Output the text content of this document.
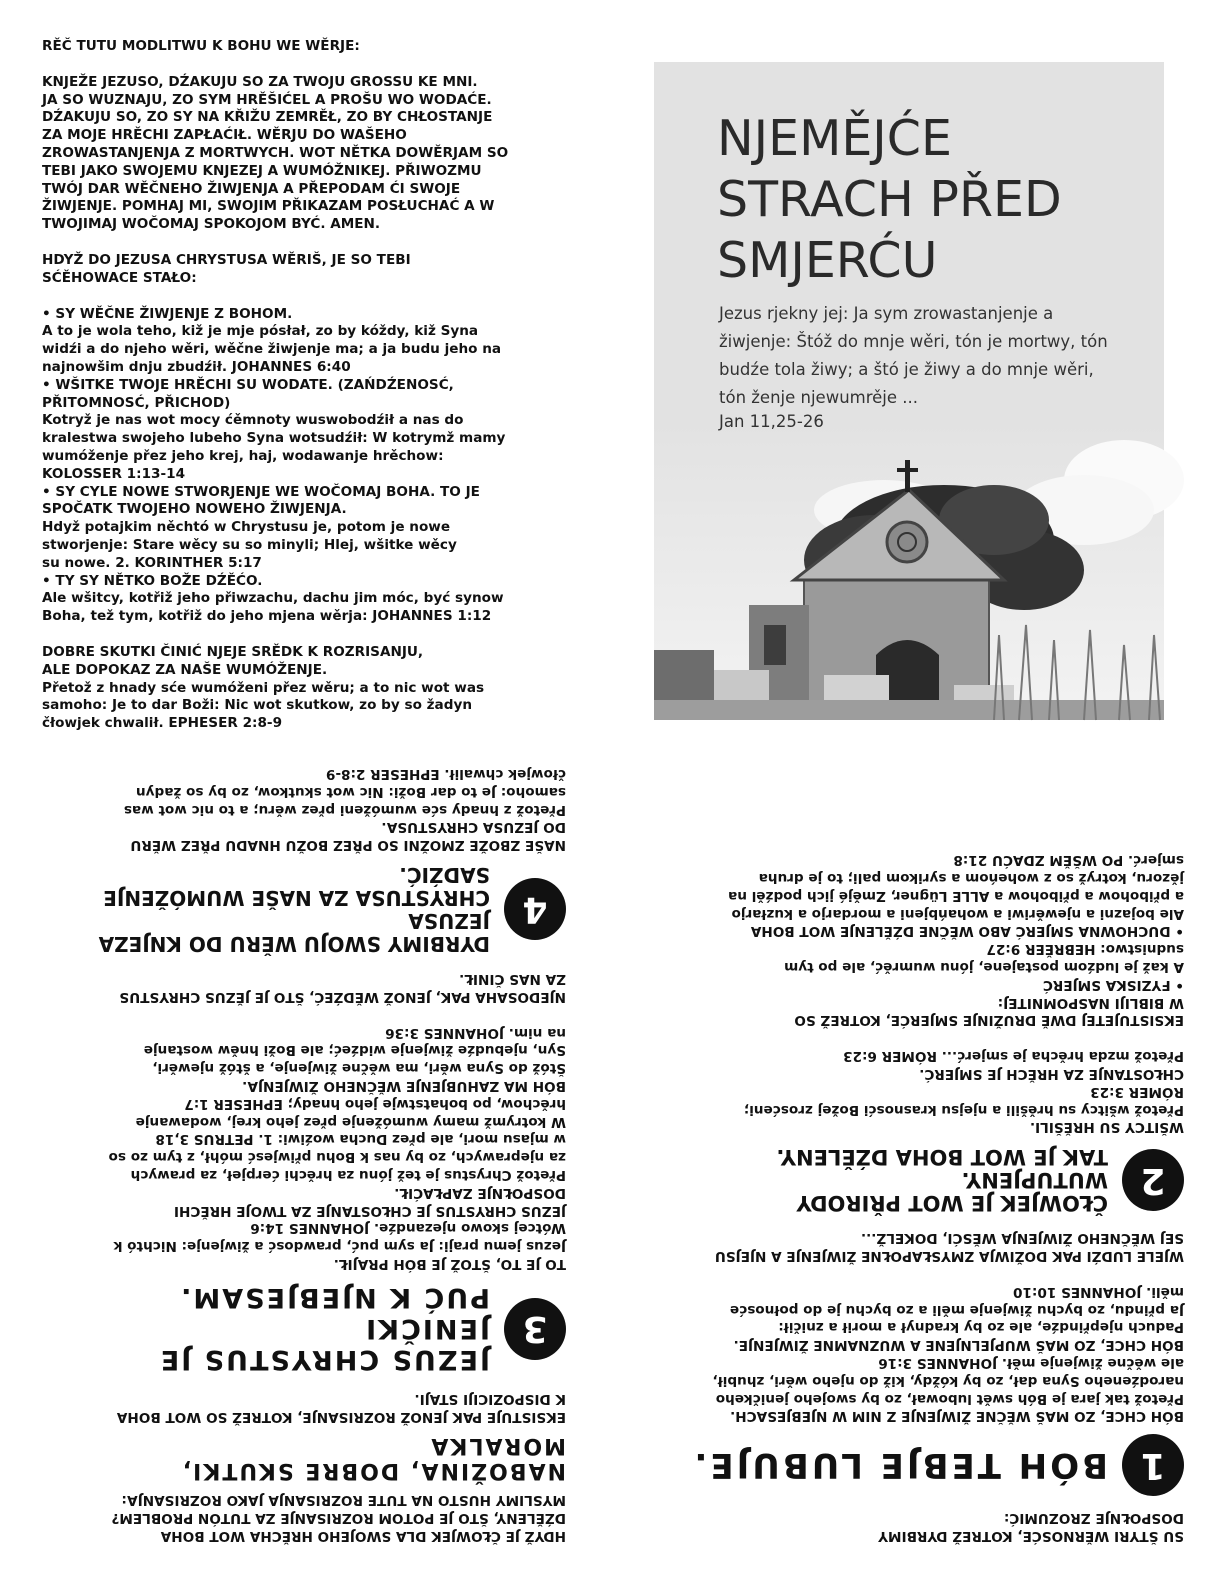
RĚČ TUTU MODLITWU K BOHU WE WĚRJE:

KNJEŽE JEZUSO, DŹAKUJU SO ZA TWOJU GROSSU KE MNI.

JA SO WUZNAJU, ZO SYM HRĚŠIĆEL A PROŠU WO WODAĆE.

DŹAKUJU SO, ZO SY NA KŘIŽU ZEMRĚŁ, ZO BY CHŁOSTANJE

ZA MOJE HRĚCHI ZAPŁAĆIŁ. WĚRJU DO WAŠEHO

ZROWASTANJENJA Z MORTWYCH. WOT NĚTKA DOWĚRJAM SO

TEBI JAKO SWOJEMU KNJEZEJ A WUMÓŽNIKEJ. PŘIWOZMU

TWÓJ DAR WĚČNEHO ŽIWJENJA A PŘEPODAM ĆI SWOJE

ŽIWJENJE. POMHAJ MI, SWOJIM PŘIKAZAM POSŁUCHAĆ A W

TWOJIMAJ WOČOMAJ SPOKOJOM BYĆ. AMEN.

HDYŽ DO JEZUSA CHRYSTUSA WĚRIŠ, JE SO TEBI

SĆĚHOWACE STAŁO:

• SY WĚČNE ŽIWJENJE Z BOHOM.

A to je wola teho, kiž je mje pósłał, zo by kóždy, kiž Syna

widźi a do njeho wěri, wěčne žiwjenje ma; a ja budu jeho na

najnowšim dnju zbudźił. JOHANNES 6:40

• WŠITKE TWOJE HRĚCHI SU WODATE. (ZAŃDŹENOSĆ,

PŘITOMNOSĆ, PŘICHOD)

Kotryž je nas wot mocy ćěmnoty wuswobodźił a nas do

kralestwa swojeho lubeho Syna wotsudźił: W kotrymž mamy

wumóženje přez jeho krej, haj, wodawanje hrěchow:

KOLOSSER 1:13-14

• SY CYLE NOWE STWORJENJE WE WOČOMAJ BOHA. TO JE

SPOČATK TWOJEHO NOWEHO ŽIWJENJA.

Hdyž potajkim něchtó w Chrystusu je, potom je nowe

stworjenje: Stare wěcy su so minyli; Hlej, wšitke wěcy

su nowe. 2. KORINTHER 5:17

• TY SY NĚTKO BOŽE DŹĚĆO.

Ale wšitcy, kotřiž jeho přiwzachu, dachu jim móc, być synow

Boha, tež tym, kotřiž do jeho mjena wěrja: JOHANNES 1:12

DOBRE SKUTKI ČINIĆ NJEJE SRĚDK K ROZRISANJU,

ALE DOPOKAZ ZA NAŠE WUMÓŽENJE.

Přetož z hnady sće wumóženi přez wěru; a to nic wot was

samoho: Je to dar Boži: Nic wot skutkow, zo by so žadyn

čłowjek chwalił. EPHESER 2:8-9

NJEMĚJĆE
STRACH PŘED
SMJERĆU
Jezus rjekny jej: Ja sym zrowastanjenje a žiwjenje: Štóž do mnje wěri, tón je mortwy, tón budźe tola žiwy; a štó je žiwy a do mnje wěri, tón ženje njewumrěje ...
Jan 11,25-26

HDYŽ JE ČŁOWJEK DLA SWOJEHO HRĚCHA WOT BOHA

DŹĚLENY, ŠTO JE POTOM ROZRISANJE ZA TUTÓN PROBLEM?

MYSLIMY HUSTO NA TUTE ROZRISANJA JAKO ROZRISANJA:

NABOŽINA, DOBRE SKUTKI, MORALKA

EKSISTUJE PAK JENOŽ ROZRISANJE, KOTREŽ SO WOT BOHA

K DISPOZICIJI STAJI.

3
JEZUS CHRYSTUS JE JENIČKI
PUĆ K NJEBJESAM.

TO JE TO, ŠTOŽ JE BÓH PRAJIŁ.

Jezus jemu praji: Ja sym puć, prawdosć a žiwjenje: Nichtó k

Wótcej skowo njezandźe. JOHANNES 14:6

JEZUS CHRYSTUS JE CHŁOSTANJE ZA TWOJE HRĚCHI

DOSPOŁNJE ZAPŁAĆIŁ.

Přetož Chrystus je tež jónu za hrěchi ćerpjeł, za prawych

za njeprawych, zo by nas k Bohu přiwjesć móhł, z tym zo so

w mjasu mori, ale přez Ducha woźiwi: 1. PETRUS 3,18

W kotrymž mamy wumóženje přez jeho krej, wodawanje

hrěchow, po bohatstwje jeho hnady; EPHESER 1:7

BÓH MA ZAHUBJENJE WĚČNEHO ŽIWJENJA.

Štóž do Syna wěri, ma wěčne žiwjenje, a štóž njewěri,

Syn, njebudźe žiwjenje widźeć; ale Boži hněw wostanje

na nim. JOHANNES 3:36

NJEDOSAHA PAK, JENOŽ WĚDŹEĆ, ŠTO JE JĚZUS CHRYSTUS

ZA NAS ČINIŁ.

4
DYRBIMY SWOJU WĚRU DO KNJEZA JEZUSA
CHRYSTUSA ZA NAŠE WUMÓŽENJE SADŹIĆ.

NAŠE ZBOŽE ZMOŽNI SO PŘEZ BOŽU HNADU PŘEZ WĚRU

DO JEZUSA CHRYSTUSA.

Přetož z hnady sće wumóženi přez wěru; a to nic wot was

samoho: Je to dar Boži: Nic wot skutkow, zo by so žadyn

čłowjek chwalił. EPHESER 2:8-9

SU ŠTYRI WĚRNOSĆE, KOTREŽ DYRBIMY

DOSPOŁNJE ZROZUMIĆ:

1
BÓH TEBJE LUBUJE.

BÓH CHCE, ZO MAŠ WĚČNE ŽIWJENJE Z NIM W NJEBJESACH.

Přetož tak jara je Bóh swět lubował, zo by swojeho jeničkeho

narodźeneho Syna dał, zo by kóždy, kiž do njeho wěri, zhubił,

ale wěčne žiwjenje měł. JOHANNES 3:16

BÓH CHCE, ZO MAŠ WUPJELNJENE A WUZNAMNE ŽIWJENJE.

Paduch njepřindźe, ale zo by kradnył a morił a zničił:

Ja přindu, zo bychu žiwjenje měli a zo bychu je do połnosće

měli. JOHANNES 10:10

WJELE LUDŹI PAK DOŽIWJA ZMYSŁAPOŁNE ŽIWJENJE A NJEJSU

SEJ WĚČNEHO ŽIWJENJA WĚSĆI, DOKELŽ...

2
ČŁOWJEK JE WOT PŘIRODY WUTUPJENY.
TAK JE WOT BOHA DŹĚLENY.

WŠITCY SU HRĚŠILI.

Přetož wšitcy su hrěšili a njejsu krasnosći Božej zrosćeni;

RÓMER 3:23

CHŁOSTANJE ZA HRĚCH JE SMJERĆ.

Přetož mzda hrěcha je smjerć... RÓMER 6:23

EKSISTUJETEJ DWĚ DRUŽINJE SMJERĆE, KOTREŽ SO

W BIBLIJI NASPOMNITEJ:

• FYZISKA SMJERĆ

A kaž je ludźom postajene, jónu wumrěć, ale po tym

sudnistwo: HEBRĚER 9:27

• DUCHOWNA SMJERĆ ABO WĚČNE DŹĚLENJE WOT BOHA

Ale bojazni a njewěriwi a wohańbjeni a mordarjo a kuzłarjo

a přibohow a přibohow a ALLE Lügner, Změjé jich podźěl na

jězoru, kotryž so z woheńom a syrikom pali; to je druha

smjerć. PO WŠĚM ZDAĆU 21:8
